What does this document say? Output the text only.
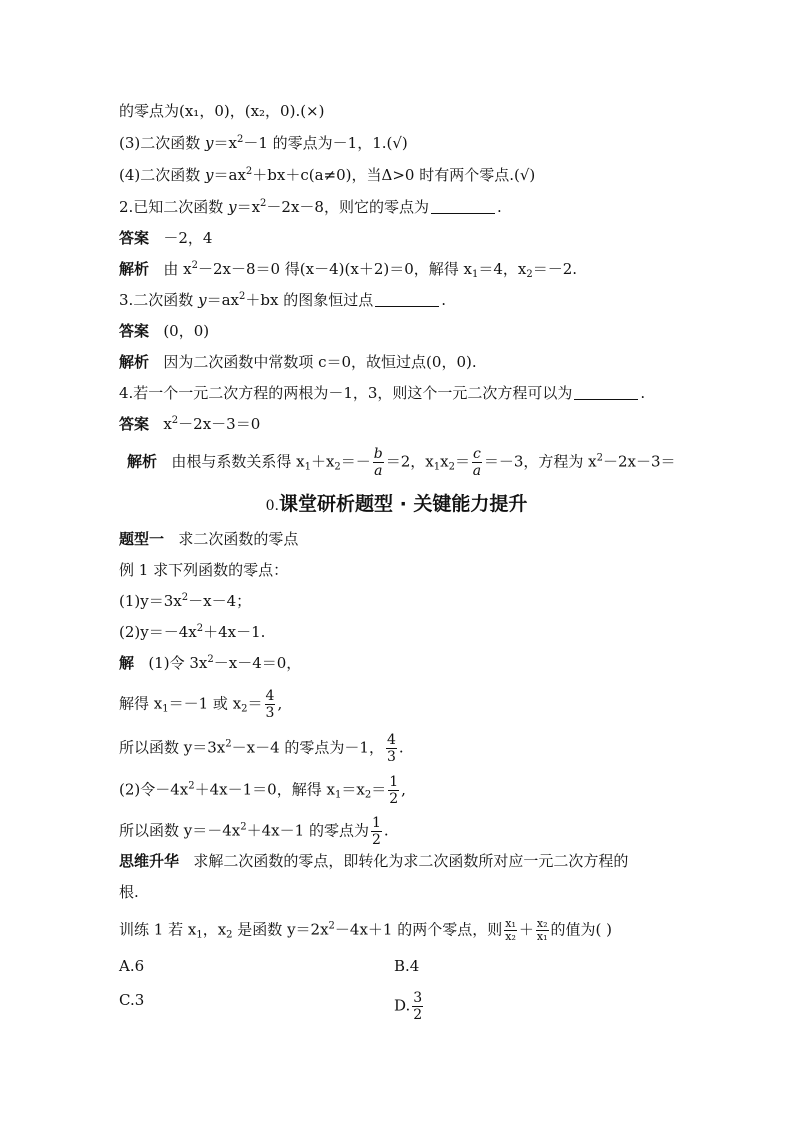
的零点为(x₁，0)，(x₂，0).(×)
(3)二次函数 $y=x^2-1$ 的零点为－1，1.(√)
(4)二次函数 $y=ax^2+bx+c(a\ne 0)$，当Δ>0 时有两个零点.(√)
2.已知二次函数 $y=x^2-2x-8$，则它的零点为	.
答案 －2，4
解析 由 $x^2-2x-8=0$ 得(x－4)(x＋2)＝0，解得 $x_1=4$，$x_2=-2$.
3.二次函数 $y=ax^2+bx$ 的图象恒过点	.
答案 (0，0)
解析 因为二次函数中常数项 c＝0，故恒过点(0，0).
4.若一个一元二次方程的两根为－1，3，则这个一元二次方程可以为	.
答案 $x^2-2x-3=0$
解析 由根与系数关系得 $x_1+x_2=- \frac{b}{a} =2$，$x_1x_2= \frac{c}{a} =-3$，方程为 $x^2-2x-3=$
0.课堂研析题型 · 关键能力提升
题型一 求二次函数的零点
例 1 求下列函数的零点：
$(1)y=3x^2-x-4$；
$(2)y=-4x^2+4x-1$.
解 (1)令 $3x^2-x-4=0$，
解得 $x_1=-1$ 或 $x_2= \frac{4}{3}$ ,
所以函数 $y=3x^2-x-4$ 的零点为－1， $\frac{4}{3}$ .
(2)令$-4x^2+4x-1=0$，解得 $x_1=x_2= \frac{1}{2}$ ,
所以函数 $y=-4x^2+4x-1$ 的零点为 $\frac{1}{2}$ .
思维升华 求解二次函数的零点，即转化为求二次函数所对应一元二次方程的
根.
训练 1 若 $x_1$，$x_2$ 是函数 $y=2x^2-4x+1$ 的两个零点，则 $\frac{\text{x₁}}{\text{x₂}} + \frac{\text{x₂}}{\text{x₁}}$ 的值为( )
A.6	B.4
C.3	D. $\frac{3}{2}$
